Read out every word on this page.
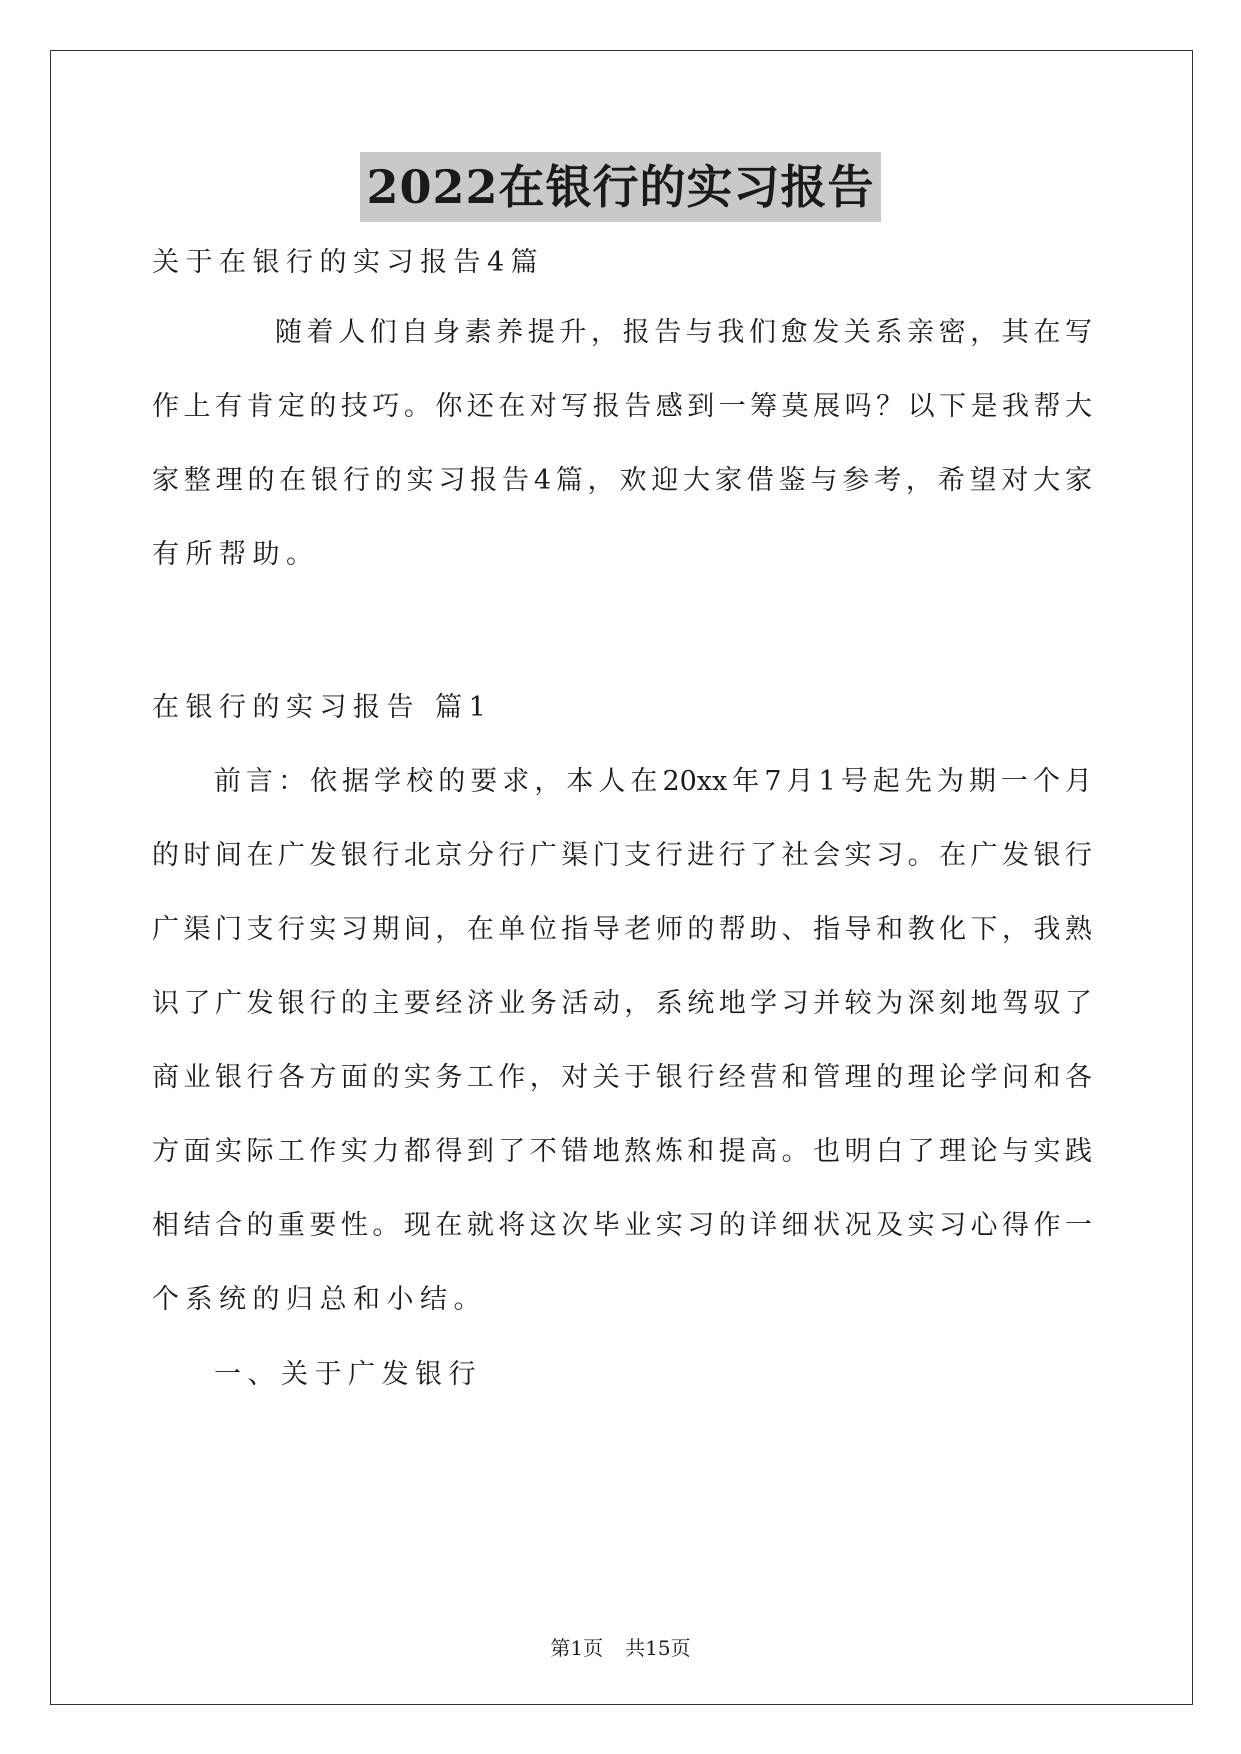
2022在银行的实习报告
关于在银行的实习报告4篇
随着人们自身素养提升，报告与我们愈发关系亲密，其在写
作上有肯定的技巧。你还在对写报告感到一筹莫展吗？以下是我帮大
家整理的在银行的实习报告4篇，欢迎大家借鉴与参考，希望对大家
有所帮助。
在银行的实习报告 篇1
前言：依据学校的要求，本人在20xx年7月1号起先为期一个月
的时间在广发银行北京分行广渠门支行进行了社会实习。在广发银行
广渠门支行实习期间，在单位指导老师的帮助、指导和教化下，我熟
识了广发银行的主要经济业务活动，系统地学习并较为深刻地驾驭了
商业银行各方面的实务工作，对关于银行经营和管理的理论学问和各
方面实际工作实力都得到了不错地熬炼和提高。也明白了理论与实践
相结合的重要性。现在就将这次毕业实习的详细状况及实习心得作一
个系统的归总和小结。
一、关于广发银行
第1页 共15页
